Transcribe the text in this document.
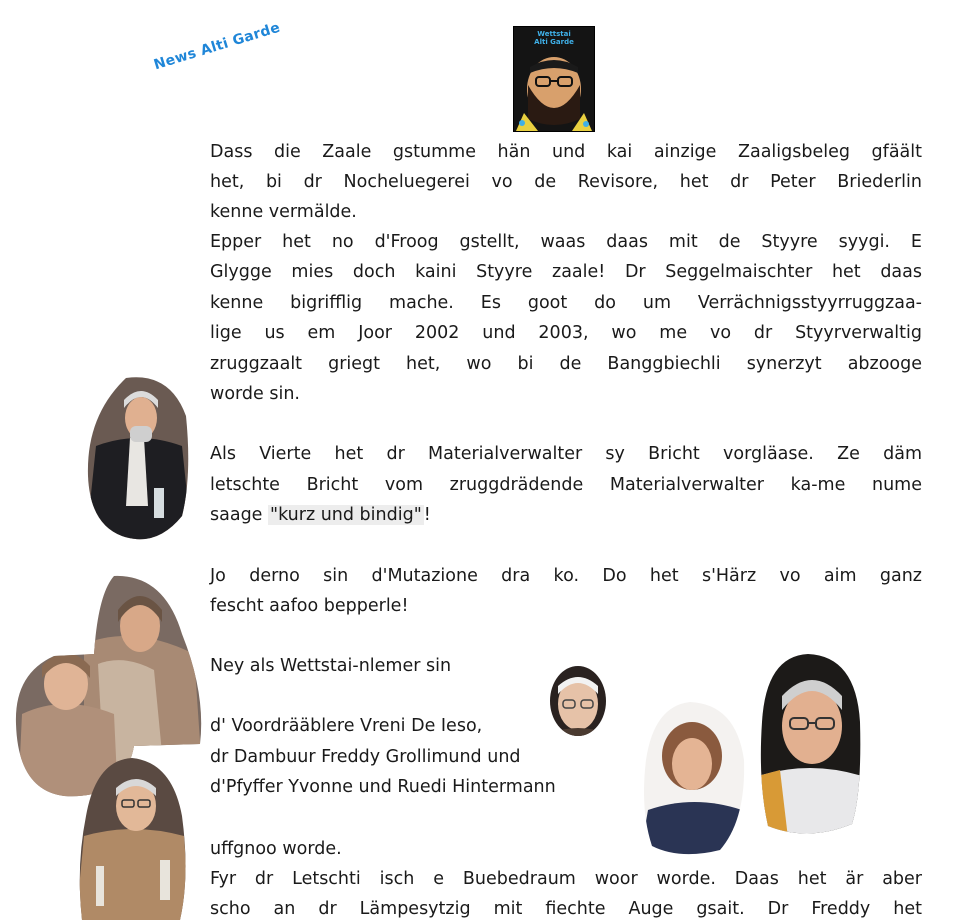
News Alti Garde	Wettstai
Alti Garde
Dass die Zaale gstumme hän und kai ainzige Zaaligsbeleg gfäält
het, bi dr Nocheluegerei vo de Revisore, het dr Peter Briederlin
kenne vermälde.
Epper het no d'Froog gstellt, waas daas mit de Styyre syygi. E
Glygge mies doch kaini Styyre zaale! Dr Seggelmaischter het daas
kenne bigrifflig mache. Es goot do um Verrächnigsstyyrruggzaa-
lige us em Joor 2002 und 2003, wo me vo dr Styyrverwaltig
zruggzaalt griegt het, wo bi de Banggbiechli synerzyt abzooge
worde sin.
Als Vierte het dr Materialverwalter sy Bricht vorgläase. Ze däm
letschte Bricht vom zruggdrädende Materialverwalter ka-me nume
saage "kurz und bindig" !
Jo derno sin d'Mutazione dra ko. Do het s'Härz vo aim ganz
fescht aafoo bepperle!
Ney als Wettstai-nlemer sin
d' Voordrääblere Vreni De Ieso,
dr Dambuur Freddy Grollimund und
d'Pfyffer Yvonne und Ruedi Hintermann
uffgnoo worde.
Fyr dr Letschti isch e Buebedraum woor worde. Daas het är aber
scho an dr Lämpesytzig mit fiechte Auge gsait. Dr Freddy het
